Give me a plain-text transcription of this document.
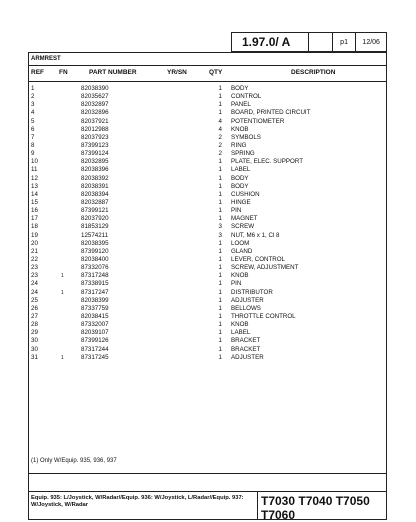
1.97.0/ A	p1	12/06
ARMREST
REF FN	PART NUMBER	YR/SN	QTY	DESCRIPTION
1	82038390	1 BODY
2	82035627	1 CONTROL
3	82032897	1 PANEL
4	82032896	1 BOARD, PRINTED CIRCUIT
5	82037921	4 POTENTIOMETER
6	82012988	4 KNOB
7	82037923	2 SYMBOLS
8	87399123	2 RING
9	87399124	2 SPRING
10	82032895	1 PLATE, ELEC. SUPPORT
11	82038396	1 LABEL
12	82038392	1 BODY
13	82038391	1 BODY
14	82038394	1 CUSHION
15	82032887	1 HINGE
16	87399121	1 PIN
17	82037920	1 MAGNET
18	81853129	3 SCREW
19	12574211	3 NUT, M6 x 1, Cl 8
20	82038395	1 LOOM
21	87399120	1 GLAND
22	82038400	1 LEVER, CONTROL
23	87332076	1 SCREW, ADJUSTMENT
23	1	87317248	1 KNOB
24	87338915	1 PIN
24	1	87317247	1 DISTRIBUTOR
25	82038399	1 ADJUSTER
26	87337759	1 BELLOWS
27	82038415	1 THROTTLE CONTROL
28	87332007	1 KNOB
29	82039107	1 LABEL
30	87399126	1 BRACKET
30	87317244	1 BRACKET
31	1	87317245	1 ADJUSTER
(1) Only W/Equip. 935, 936, 937
Equip. 935: L/Joystick, W/Radar//Equip. 936: W/Joystick, L/Radar//Equip. 937: W/Joystick, W/Radar	T7030 T7040 T7050 T7060
